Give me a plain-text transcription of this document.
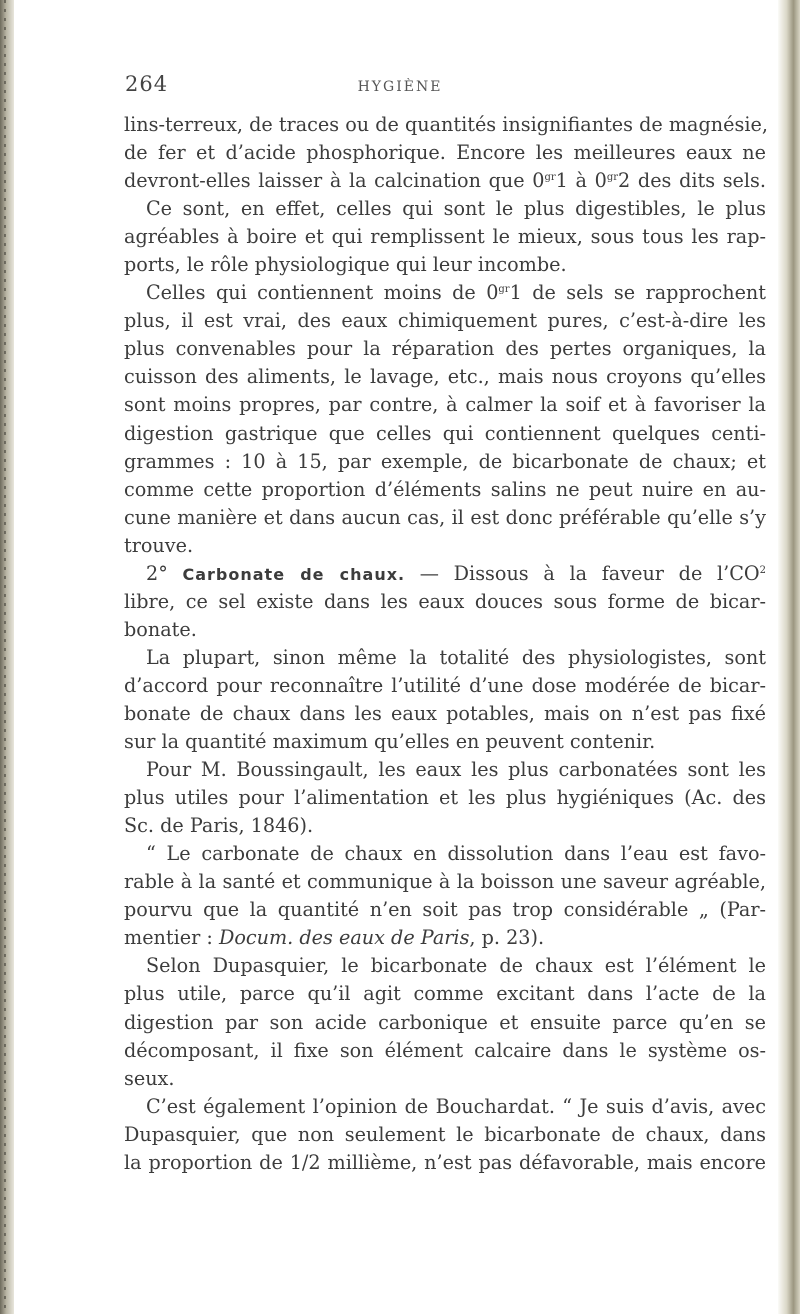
264	HYGIÈNE
lins-terreux, de traces ou de quantités insignifiantes de magnésie,
de fer et d’acide phosphorique. Encore les meilleures eaux ne
devront-elles laisser à la calcination que $0^{gr}1$ à $0^{gr}2$ des dits sels.
Ce sont, en effet, celles qui sont le plus digestibles, le plus
agréables à boire et qui remplissent le mieux, sous tous les rap-
ports, le rôle physiologique qui leur incombe.
Celles qui contiennent moins de $0^{gr}1$ de sels se rapprochent
plus, il est vrai, des eaux chimiquement pures, c’est-à-dire les
plus convenables pour la réparation des pertes organiques, la
cuisson des aliments, le lavage, etc., mais nous croyons qu’elles
sont moins propres, par contre, à calmer la soif et à favoriser la
digestion gastrique que celles qui contiennent quelques centi-
grammes : 10 à 15, par exemple, de bicarbonate de chaux; et
comme cette proportion d’éléments salins ne peut nuire en au-
cune manière et dans aucun cas, il est donc préférable qu’elle s’y
trouve.
2° Carbonate de chaux. — Dissous à la faveur de $l’CO^2$
libre, ce sel existe dans les eaux douces sous forme de bicar-
bonate.
La plupart, sinon même la totalité des physiologistes, sont
d’accord pour reconnaître l’utilité d’une dose modérée de bicar-
bonate de chaux dans les eaux potables, mais on n’est pas fixé
sur la quantité maximum qu’elles en peuvent contenir.
Pour M. Boussingault, les eaux les plus carbonatées sont les
plus utiles pour l’alimentation et les plus hygiéniques (Ac. des
Sc. de Paris, 1846).
“ Le carbonate de chaux en dissolution dans l’eau est favo-
rable à la santé et communique à la boisson une saveur agréable,
pourvu que la quantité n’en soit pas trop considérable „ (Par-
mentier : Docum. des eaux de Paris, p. 23).
Selon Dupasquier, le bicarbonate de chaux est l’élément le
plus utile, parce qu’il agit comme excitant dans l’acte de la
digestion par son acide carbonique et ensuite parce qu’en se
décomposant, il fixe son élément calcaire dans le système os-
seux.
C’est également l’opinion de Bouchardat. “ Je suis d’avis, avec
Dupasquier, que non seulement le bicarbonate de chaux, dans
la proportion de 1/2 millième, n’est pas défavorable, mais encore
